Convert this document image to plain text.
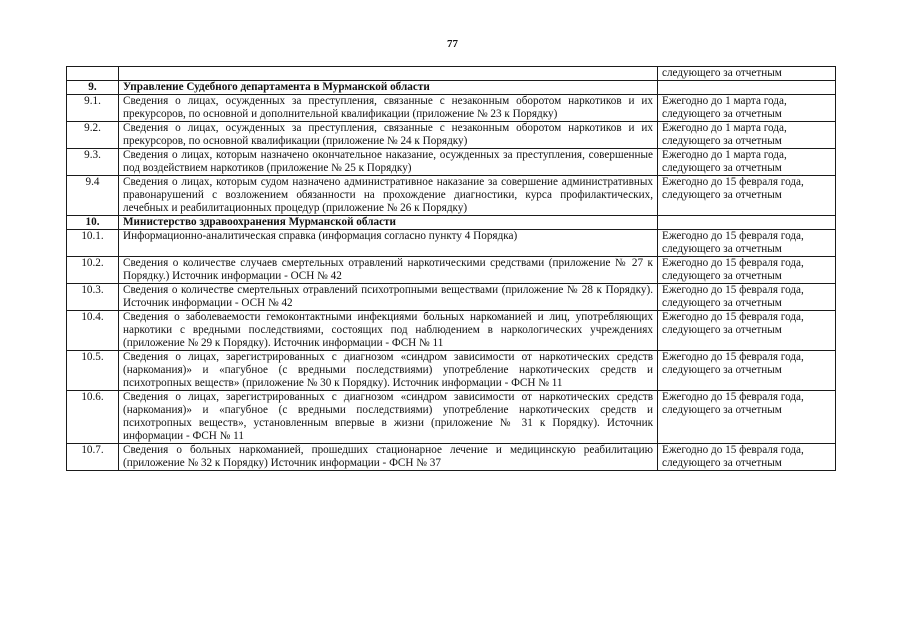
77
		следующего за отчетным
9.	Управление Судебного департамента в Мурманской области	
9.1.	Сведения о лицах, осужденных за преступления, связанные с незаконным оборотом наркотиков и их прекурсоров, по основной и дополнительной квалификации (приложение № 23 к Порядку)	Ежегодно до 1 марта года, следующего за отчетным
9.2.	Сведения о лицах, осужденных за преступления, связанные с незаконным оборотом наркотиков и их прекурсоров, по основной квалификации (приложение № 24 к Порядку)	Ежегодно до 1 марта года, следующего за отчетным
9.3.	Сведения о лицах, которым назначено окончательное наказание, осужденных за преступления, совершенные под воздействием наркотиков (приложение № 25 к Порядку)	Ежегодно до 1 марта года, следующего за отчетным
9.4	Сведения о лицах, которым судом назначено административное наказание за совершение административных правонарушений с возложением обязанности на прохождение диагностики, курса профилактических, лечебных и реабилитационных процедур (приложение № 26 к Порядку)	Ежегодно до 15 февраля года, следующего за отчетным
10.	Министерство здравоохранения Мурманской области	
10.1.	Информационно-аналитическая справка (информация согласно пункту 4 Порядка)	Ежегодно до 15 февраля года, следующего за отчетным
10.2.	Сведения о количестве случаев смертельных отравлений наркотическими средствами (приложение № 27 к Порядку.) Источник информации - ОСН № 42	Ежегодно до 15 февраля года, следующего за отчетным
10.3.	Сведения о количестве смертельных отравлений психотропными веществами (приложение № 28 к Порядку). Источник информации - ОСН № 42	Ежегодно до 15 февраля года, следующего за отчетным
10.4.	Сведения о заболеваемости гемоконтактными инфекциями больных наркоманией и лиц, употребляющих наркотики с вредными последствиями, состоящих под наблюдением в наркологических учреждениях (приложение № 29 к Порядку). Источник информации - ФСН № 11	Ежегодно до 15 февраля года, следующего за отчетным
10.5.	Сведения о лицах, зарегистрированных с диагнозом «синдром зависимости от наркотических средств (наркомания)» и «пагубное (с вредными последствиями) употребление наркотических средств и психотропных веществ» (приложение № 30 к Порядку). Источник информации - ФСН № 11	Ежегодно до 15 февраля года, следующего за отчетным
10.6.	Сведения о лицах, зарегистрированных с диагнозом «синдром зависимости от наркотических средств (наркомания)» и «пагубное (с вредными последствиями) употребление наркотических средств и психотропных веществ», установленным впервые в жизни (приложение № 31 к Порядку). Источник информации - ФСН № 11	Ежегодно до 15 февраля года, следующего за отчетным
10.7.	Сведения о больных наркоманией, прошедших стационарное лечение и медицинскую реабилитацию (приложение № 32 к Порядку) Источник информации - ФСН № 37	Ежегодно до 15 февраля года, следующего за отчетным
